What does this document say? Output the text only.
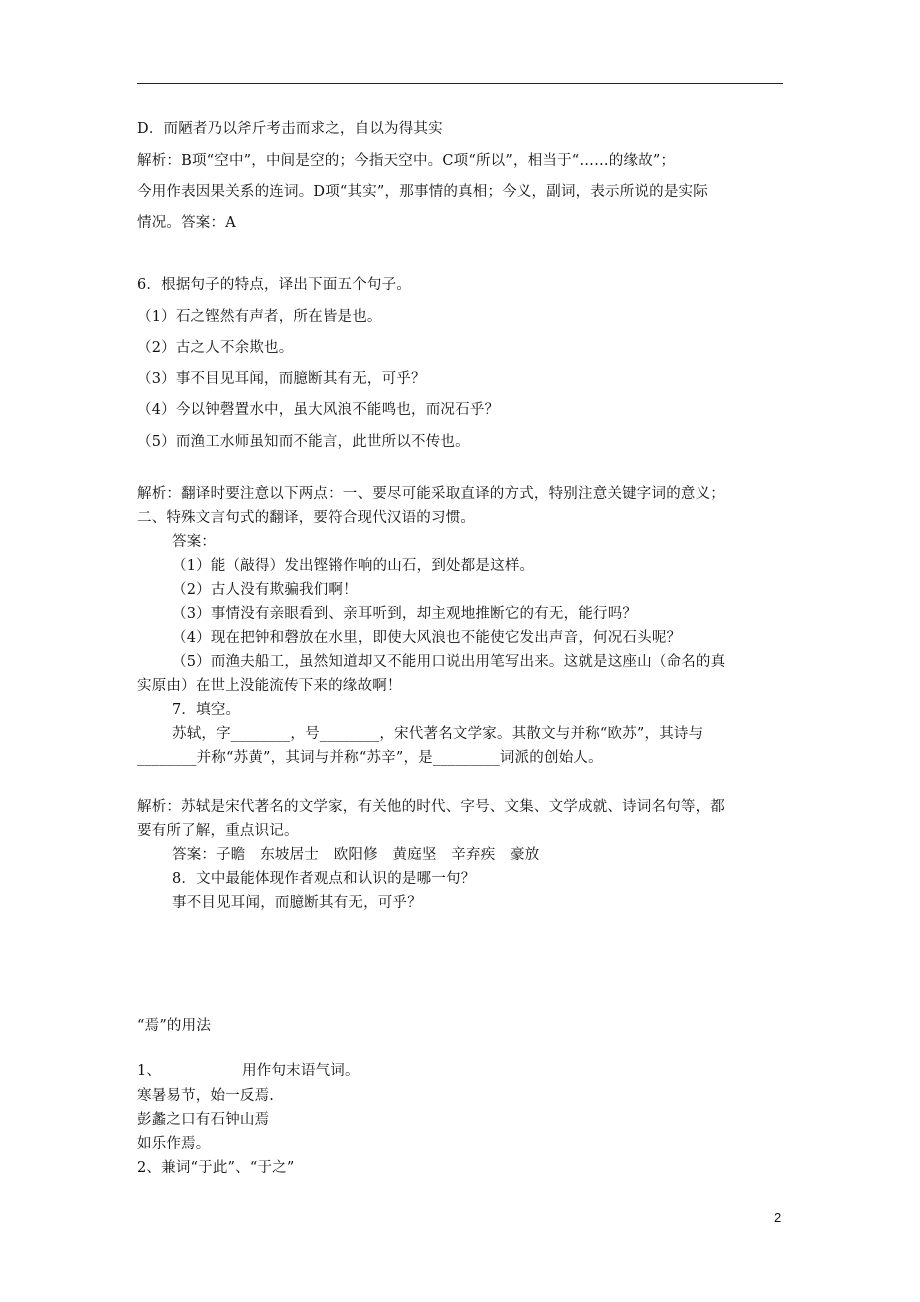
D．而陋者乃以斧斤考击而求之，自以为得其实
解析：B项“空中”，中间是空的；今指天空中。C项“所以”，相当于“……的缘故”；
今用作表因果关系的连词。D项“其实”，那事情的真相；今义，副词，表示所说的是实际
情况。答案：A
6．根据句子的特点，译出下面五个句子。
（1）石之铿然有声者，所在皆是也。
（2）古之人不余欺也。
（3）事不目见耳闻，而臆断其有无，可乎？
（4）今以钟磬置水中，虽大风浪不能鸣也，而况石乎？
（5）而渔工水师虽知而不能言，此世所以不传也。
解析：翻译时要注意以下两点：一、要尽可能采取直译的方式，特别注意关键字词的意义；
二、特殊文言句式的翻译，要符合现代汉语的习惯。
答案：
（1）能（敲得）发出铿锵作响的山石，到处都是这样。
（2）古人没有欺骗我们啊！
（3）事情没有亲眼看到、亲耳听到，却主观地推断它的有无，能行吗？
（4）现在把钟和磬放在水里，即使大风浪也不能使它发出声音，何况石头呢？
（5）而渔夫船工，虽然知道却又不能用口说出用笔写出来。这就是这座山（命名的真
实原由）在世上没能流传下来的缘故啊！
7．填空。
苏轼，字________，号________，宋代著名文学家。其散文与并称“欧苏”，其诗与
________并称“苏黄”，其词与并称“苏辛”，是_________词派的创始人。
解析：苏轼是宋代著名的文学家，有关他的时代、字号、文集、文学成就、诗词名句等，都
要有所了解，重点识记。
答案：子瞻　东坡居士　欧阳修　黄庭坚　辛弃疾　豪放
8．文中最能体现作者观点和认识的是哪一句？
事不目见耳闻，而臆断其有无，可乎？
“焉”的用法
1、　　　　　　用作句末语气词。
寒暑易节，始一反焉.
彭蠡之口有石钟山焉
如乐作焉。
2、兼词“于此”、“于之”
2
